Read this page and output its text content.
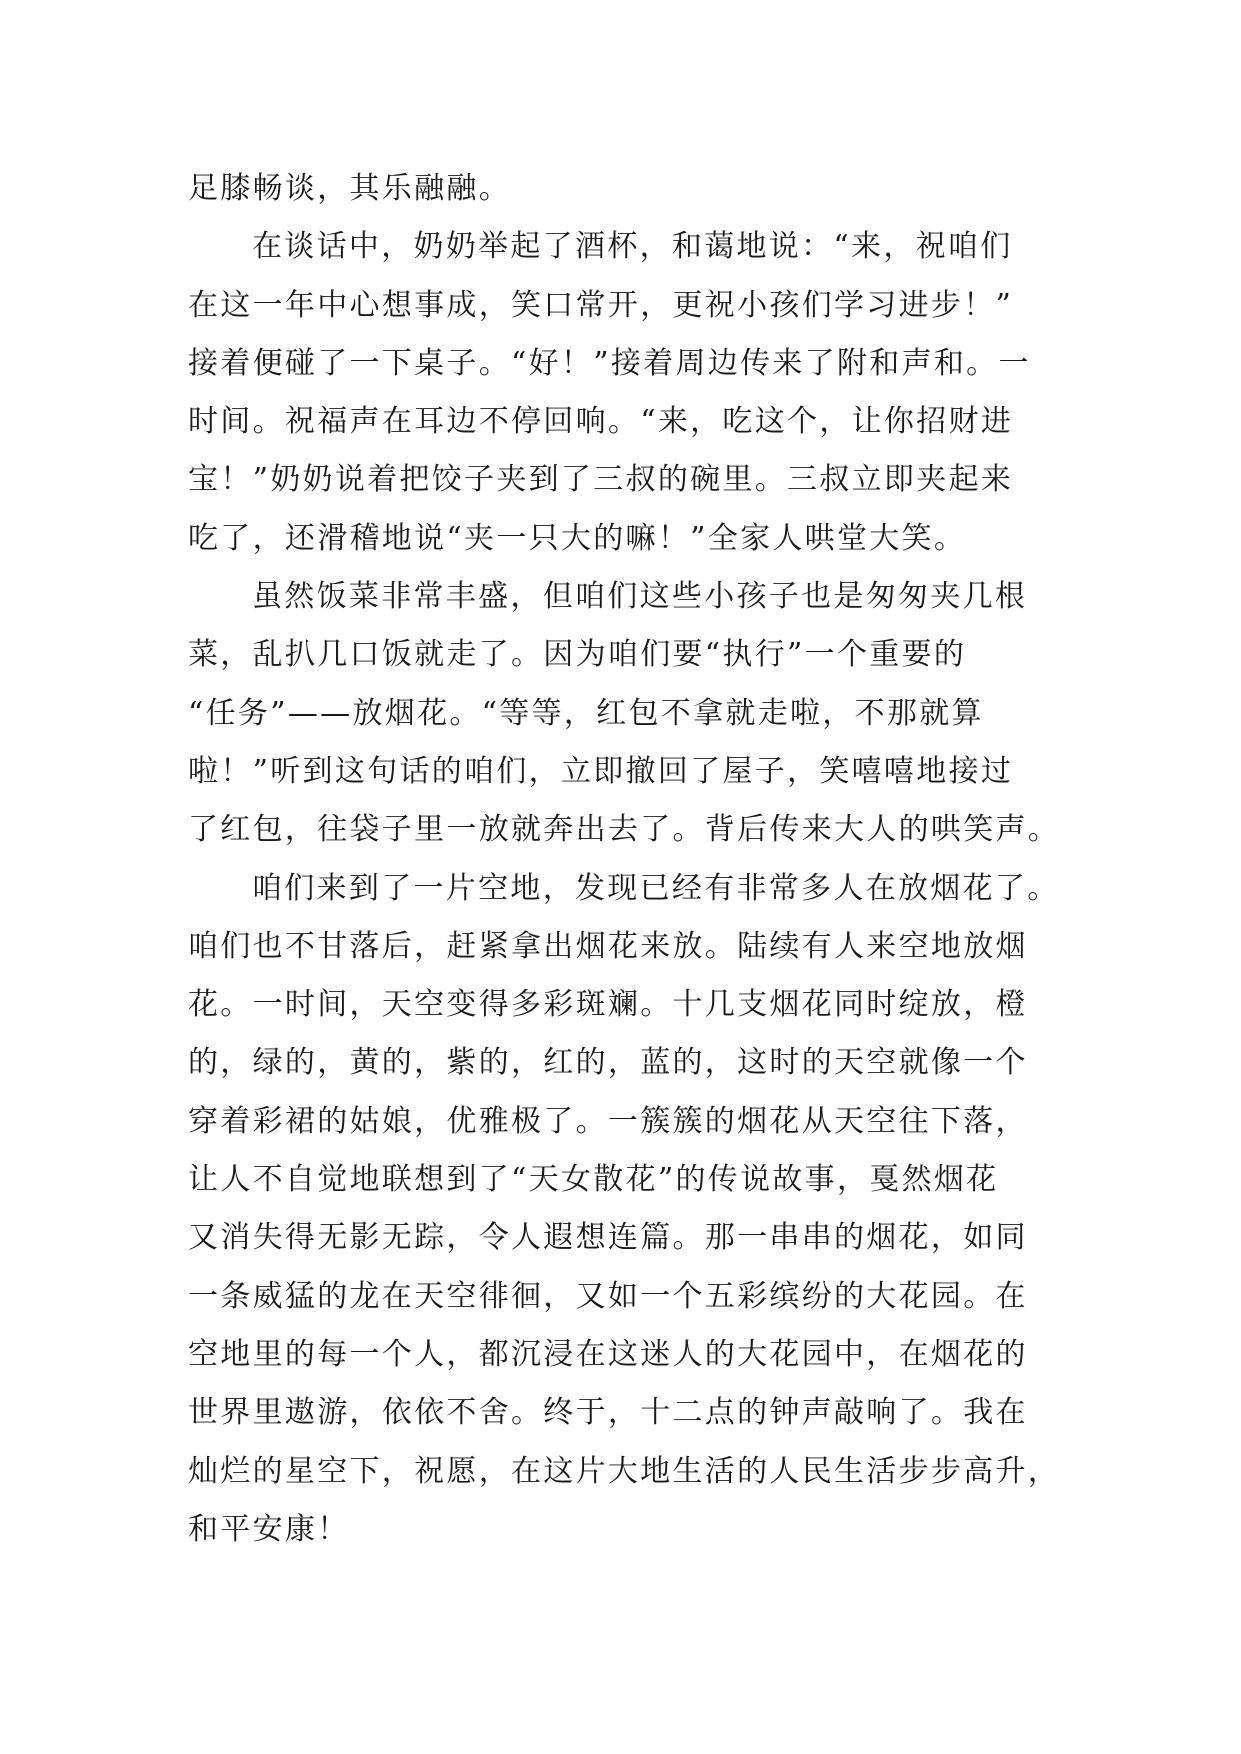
足膝畅谈，其乐融融。
在谈话中，奶奶举起了酒杯，和蔼地说：“来，祝咱们
在这一年中心想事成，笑口常开，更祝小孩们学习进步！”
接着便碰了一下桌子。“好！”接着周边传来了附和声和。一
时间。祝福声在耳边不停回响。“来，吃这个，让你招财进
宝！”奶奶说着把饺子夹到了三叔的碗里。三叔立即夹起来
吃了，还滑稽地说“夹一只大的嘛！”全家人哄堂大笑。
虽然饭菜非常丰盛，但咱们这些小孩子也是匆匆夹几根
菜，乱扒几口饭就走了。因为咱们要“执行”一个重要的
“任务”——放烟花。“等等，红包不拿就走啦，不那就算
啦！”听到这句话的咱们，立即撤回了屋子，笑嘻嘻地接过
了红包，往袋子里一放就奔出去了。背后传来大人的哄笑声。
咱们来到了一片空地，发现已经有非常多人在放烟花了。
咱们也不甘落后，赶紧拿出烟花来放。陆续有人来空地放烟
花。一时间，天空变得多彩斑斓。十几支烟花同时绽放，橙
的，绿的，黄的，紫的，红的，蓝的，这时的天空就像一个
穿着彩裙的姑娘，优雅极了。一簇簇的烟花从天空往下落，
让人不自觉地联想到了“天女散花”的传说故事，戛然烟花
又消失得无影无踪，令人遐想连篇。那一串串的烟花，如同
一条威猛的龙在天空徘徊，又如一个五彩缤纷的大花园。在
空地里的每一个人，都沉浸在这迷人的大花园中，在烟花的
世界里遨游，依依不舍。终于，十二点的钟声敲响了。我在
灿烂的星空下，祝愿，在这片大地生活的人民生活步步高升，
和平安康！
